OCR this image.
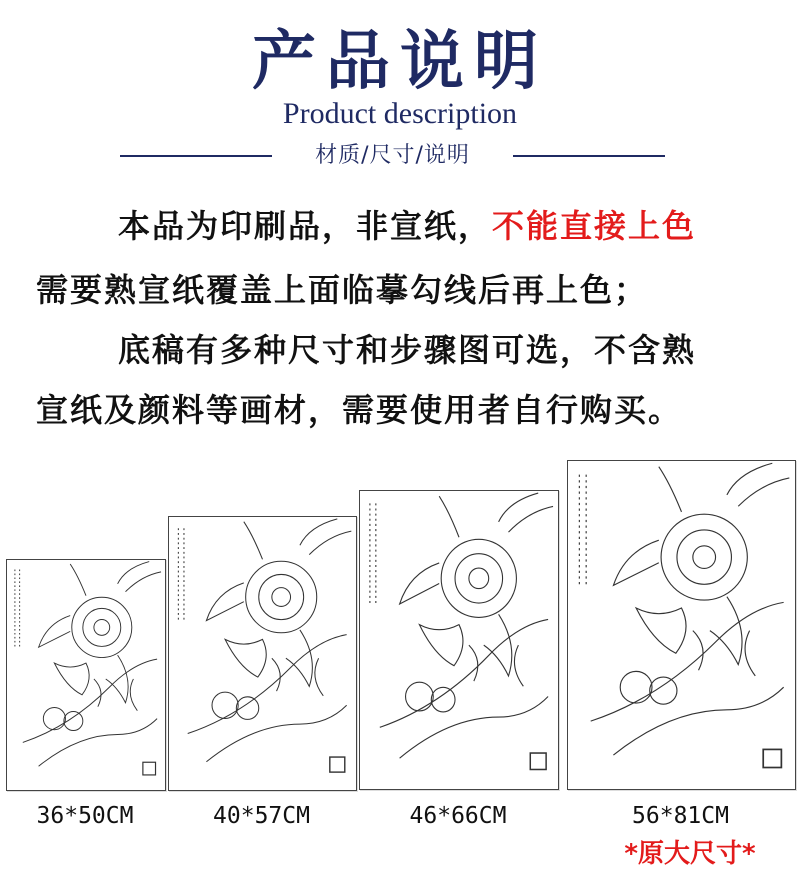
产品说明
Product description
材质/尺寸/说明
本品为印刷品，非宣纸，不能直接上色
需要熟宣纸覆盖上面临摹勾线后再上色；
底稿有多种尺寸和步骤图可选，不含熟
宣纸及颜料等画材，需要使用者自行购买。
36*50CM	40*57CM	46*66CM	56*81CM
*原大尺寸*
